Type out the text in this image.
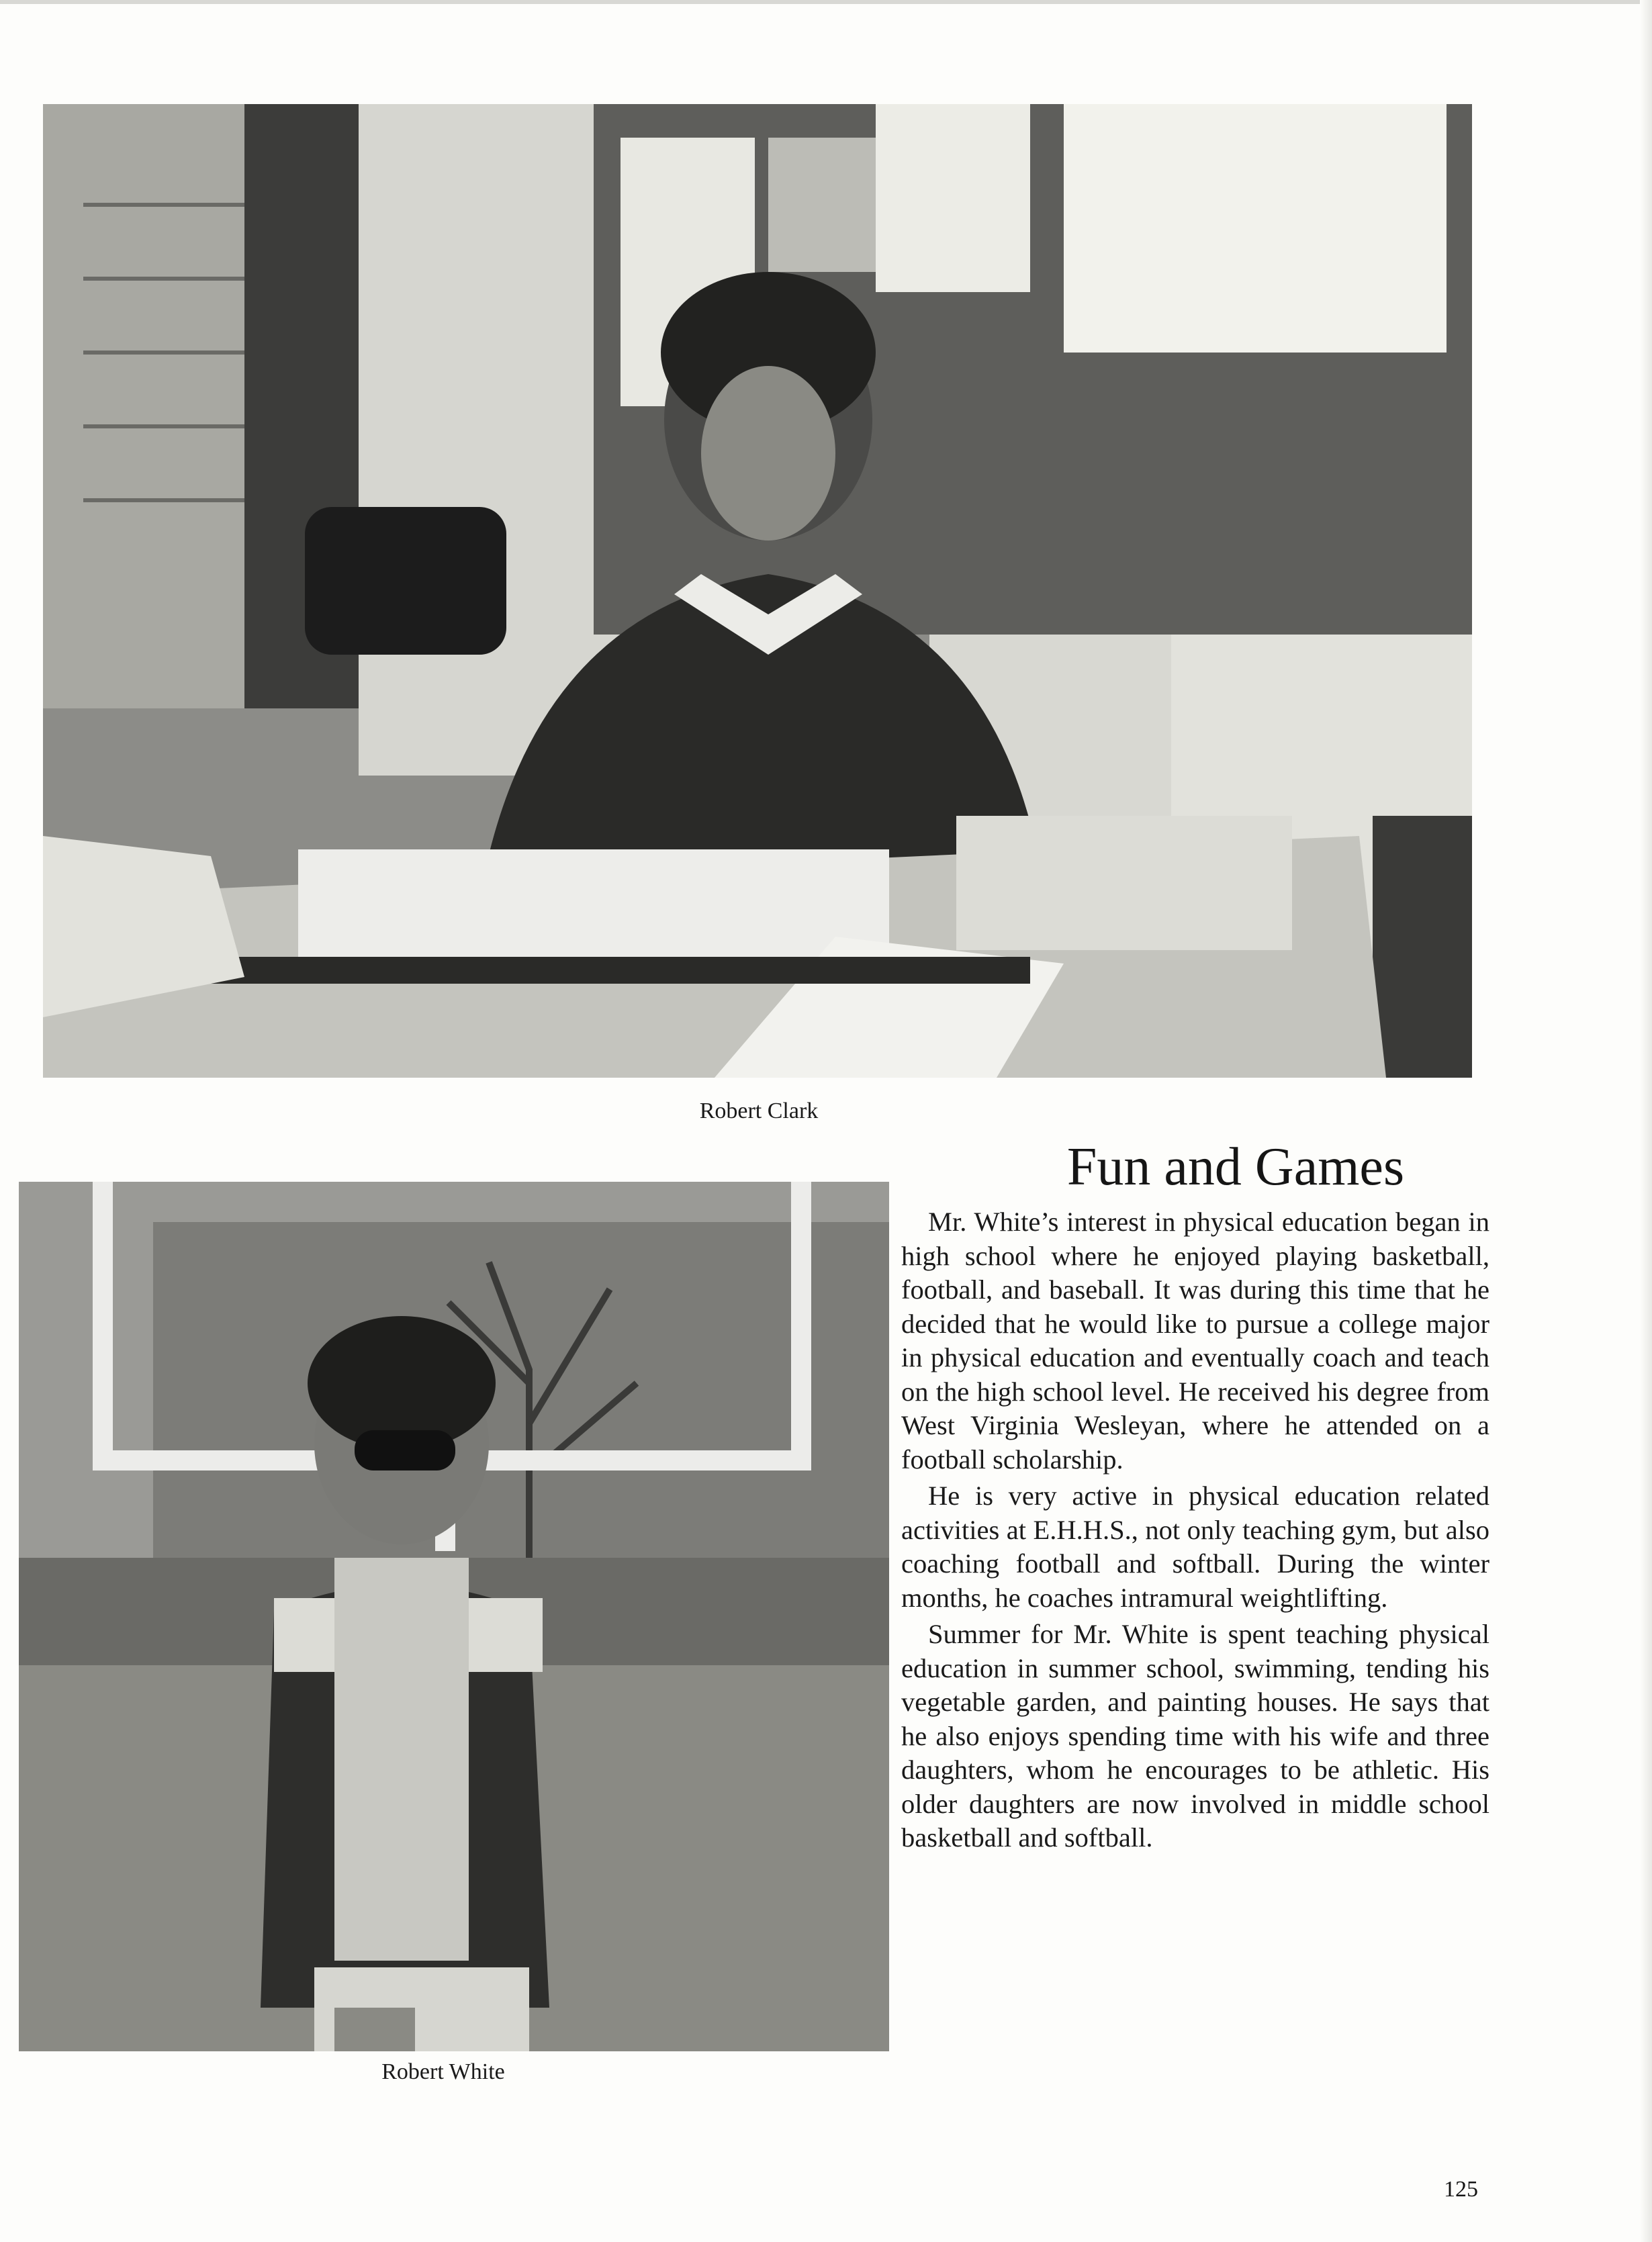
Robert Clark
Robert White
Fun and Games

Mr. White’s interest in physical education began in high school where he enjoyed playing basketball, football, and baseball. It was during this time that he decided that he would like to pursue a college major in physical education and eventually coach and teach on the high school level. He received his degree from West Virginia Wesleyan, where he attended on a football scholarship.

He is very active in physical education related activities at E.H.H.S., not only teaching gym, but also coaching football and softball. During the winter months, he coaches intramural weightlifting.

Summer for Mr. White is spent teaching physical education in summer school, swimming, tending his vegetable garden, and painting houses. He says that he also enjoys spending time with his wife and three daughters, whom he encourages to be athletic. His older daughters are now involved in middle school basketball and softball.

125
